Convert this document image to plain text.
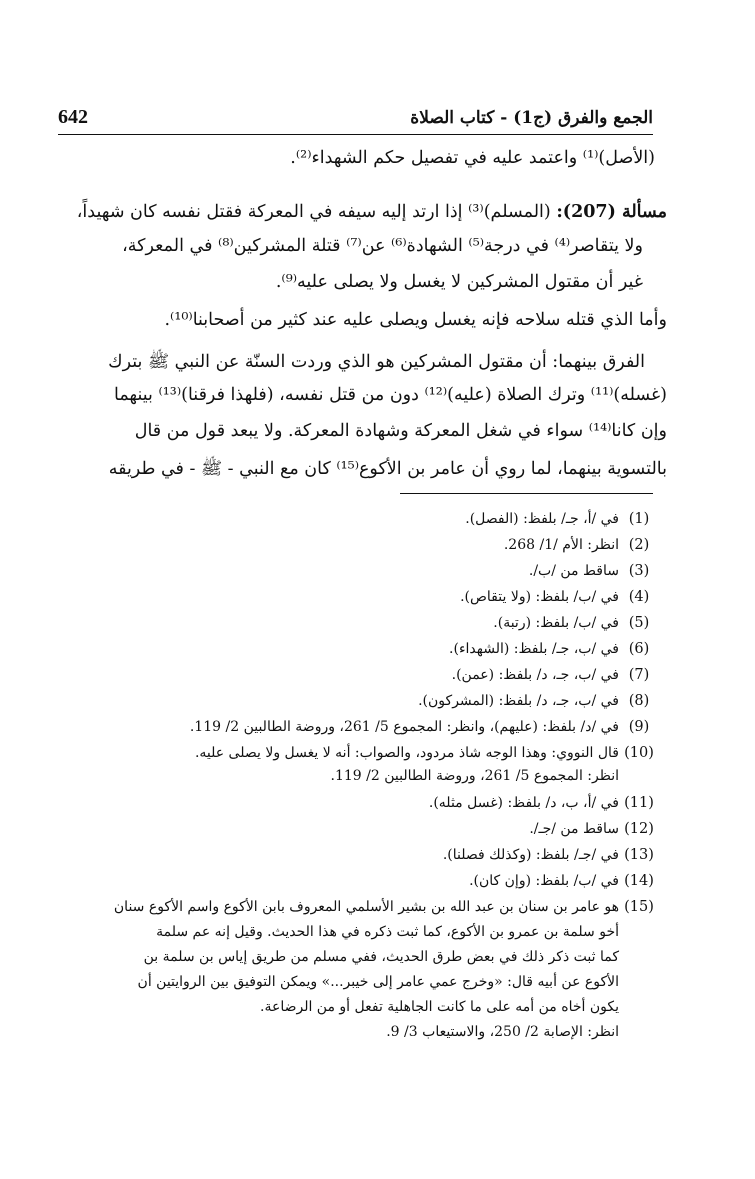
642	الجمع والفرق (ج1) - كتاب الصلاة
(الأصل)⁽¹⁾ واعتمد عليه في تفصيل حكم الشهداء⁽²⁾.
مسألة (207): (المسلم)⁽³⁾ إذا ارتد إليه سيفه في المعركة فقتل نفسه كان شهيداً،
ولا يتقاصر⁽⁴⁾ في درجة⁽⁵⁾ الشهادة⁽⁶⁾ عن⁽⁷⁾ قتلة المشركين⁽⁸⁾ في المعركة،
غير أن مقتول المشركين لا يغسل ولا يصلى عليه⁽⁹⁾.
وأما الذي قتله سلاحه فإنه يغسل ويصلى عليه عند كثير من أصحابنا⁽¹⁰⁾.
الفرق بينهما: أن مقتول المشركين هو الذي وردت السنّة عن النبي ﷺ بترك
(غسله)⁽¹¹⁾ وترك الصلاة (عليه)⁽¹²⁾ دون من قتل نفسه، (فلهذا فرقنا)⁽¹³⁾ بينهما
وإن كانا⁽¹⁴⁾ سواء في شغل المعركة وشهادة المعركة. ولا يبعد قول من قال
بالتسوية بينهما، لما روي أن عامر بن الأكوع⁽¹⁵⁾ كان مع النبي - ﷺ - في طريقه
(1)
في /أ، جـ/ بلفظ: (الفصل).
(2)
انظر: الأم /1/ 268.
(3)
ساقط من /ب/.
(4)
في /ب/ بلفظ: (ولا يتقاص).
(5)
في /ب/ بلفظ: (رتبة).
(6)
في /ب، جـ/ بلفظ: (الشهداء).
(7)
في /ب، جـ، د/ بلفظ: (عمن).
(8)
في /ب، جـ، د/ بلفظ: (المشركون).
(9)
في /د/ بلفظ: (عليهم)، وانظر: المجموع 5/ 261، وروضة الطالبين 2/ 119.
(10)
قال النووي: وهذا الوجه شاذ مردود، والصواب: أنه لا يغسل ولا يصلى عليه.
انظر: المجموع 5/ 261، وروضة الطالبين 2/ 119.
(11)
في /أ، ب، د/ بلفظ: (غسل مثله).
(12)
ساقط من /جـ/.
(13)
في /جـ/ بلفظ: (وكذلك فصلنا).
(14)
في /ب/ بلفظ: (وإن كان).
(15)
هو عامر بن سنان بن عبد الله بن بشير الأسلمي المعروف بابن الأكوع واسم الأكوع سنان
أخو سلمة بن عمرو بن الأكوع، كما ثبت ذكره في هذا الحديث. وقيل إنه عم سلمة
كما ثبت ذكر ذلك في بعض طرق الحديث، ففي مسلم من طريق إياس بن سلمة بن
الأكوع عن أبيه قال: «وخرج عمي عامر إلى خيبر...» ويمكن التوفيق بين الروايتين أن
يكون أخاه من أمه على ما كانت الجاهلية تفعل أو من الرضاعة.
انظر: الإصابة 2/ 250، والاستيعاب 3/ 9.
